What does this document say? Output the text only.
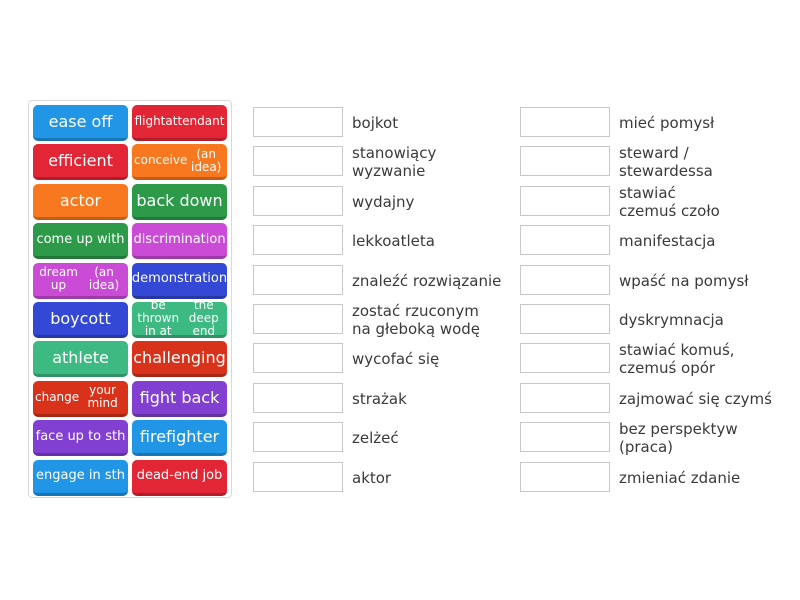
ease off flight attendant
efficient conceive (an idea)
actor back down
come up with discrimination
dream up
(an idea) demonstration
boycott
be thrown in at
the deep end
athlete challenging
change your mind	fight back
face up to sth firefighter
engage in sth dead-end job
bojkot
stanowiący
wyzwanie
wydajny
lekkoatleta
znaleźć rozwiązanie
zostać rzuconym
na głeboką wodę
wycofać się
strażak
zelżeć
aktor
mieć pomysł
steward /
stewardessa
stawiać
czemuś czoło
manifestacja
wpaść na pomysł
dyskrymnacja
stawiać komuś,
czemuś opór
zajmować się czymś
bez perspektyw
(praca)
zmieniać zdanie
